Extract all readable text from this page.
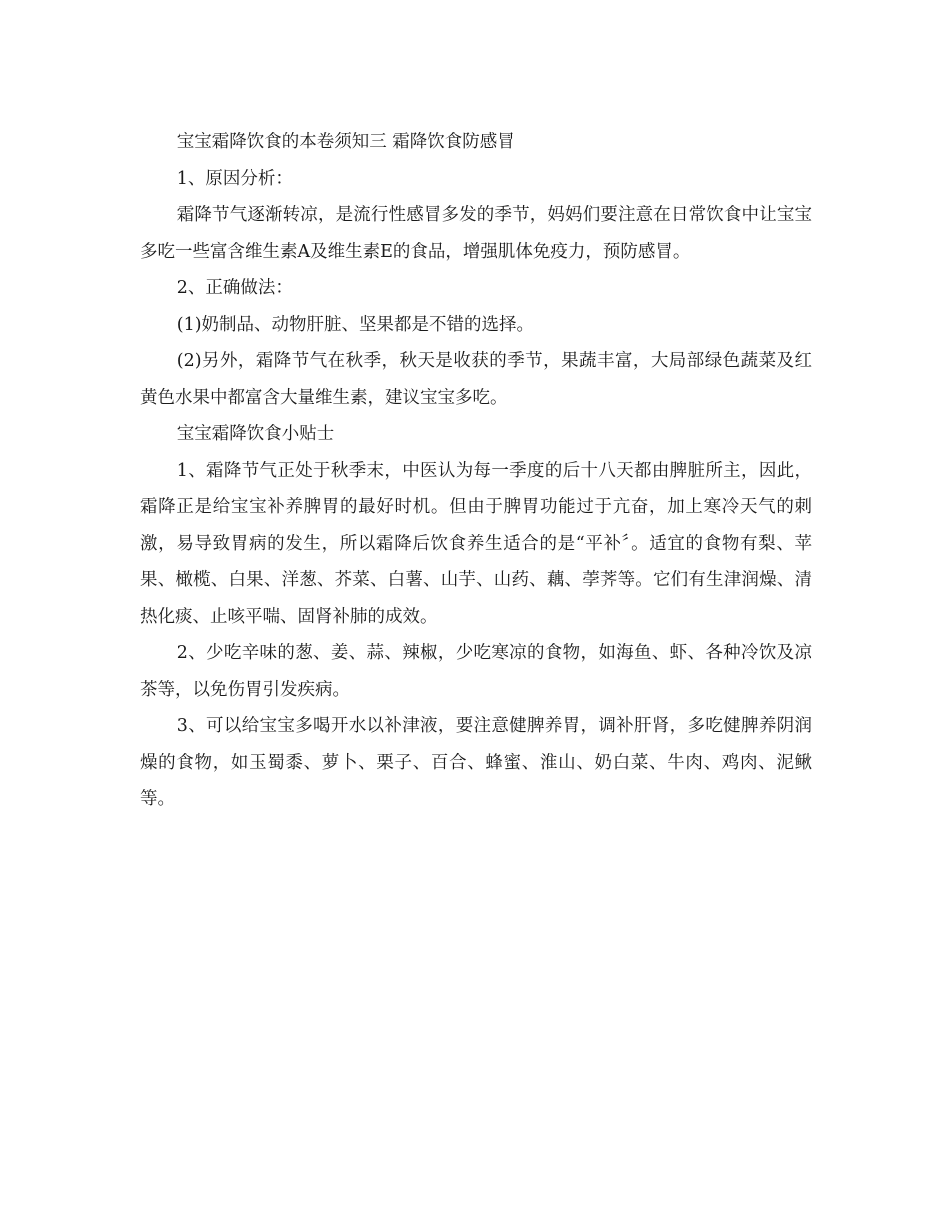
宝宝霜降饮食的本卷须知三 霜降饮食防感冒

1、原因分析：

霜降节气逐渐转凉，是流行性感冒多发的季节，妈妈们要注意在日常饮食中让宝宝多吃一些富含维生素A及维生素E的食品，增强肌体免疫力，预防感冒。

2、正确做法：

(1)奶制品、动物肝脏、坚果都是不错的选择。

(2)另外，霜降节气在秋季，秋天是收获的季节，果蔬丰富，大局部绿色蔬菜及红黄色水果中都富含大量维生素，建议宝宝多吃。

宝宝霜降饮食小贴士

1、霜降节气正处于秋季末，中医认为每一季度的后十八天都由脾脏所主，因此，霜降正是给宝宝补养脾胃的最好时机。但由于脾胃功能过于亢奋，加上寒冷天气的刺激，易导致胃病的发生，所以霜降后饮食养生适合的是“平补〞。适宜的食物有梨、苹果、橄榄、白果、洋葱、芥菜、白薯、山芋、山药、藕、荸荠等。它们有生津润燥、清热化痰、止咳平喘、固肾补肺的成效。

2、少吃辛味的葱、姜、蒜、辣椒，少吃寒凉的食物，如海鱼、虾、各种冷饮及凉茶等，以免伤胃引发疾病。

3、可以给宝宝多喝开水以补津液，要注意健脾养胃，调补肝肾，多吃健脾养阴润燥的食物，如玉蜀黍、萝卜、栗子、百合、蜂蜜、淮山、奶白菜、牛肉、鸡肉、泥鳅等。
